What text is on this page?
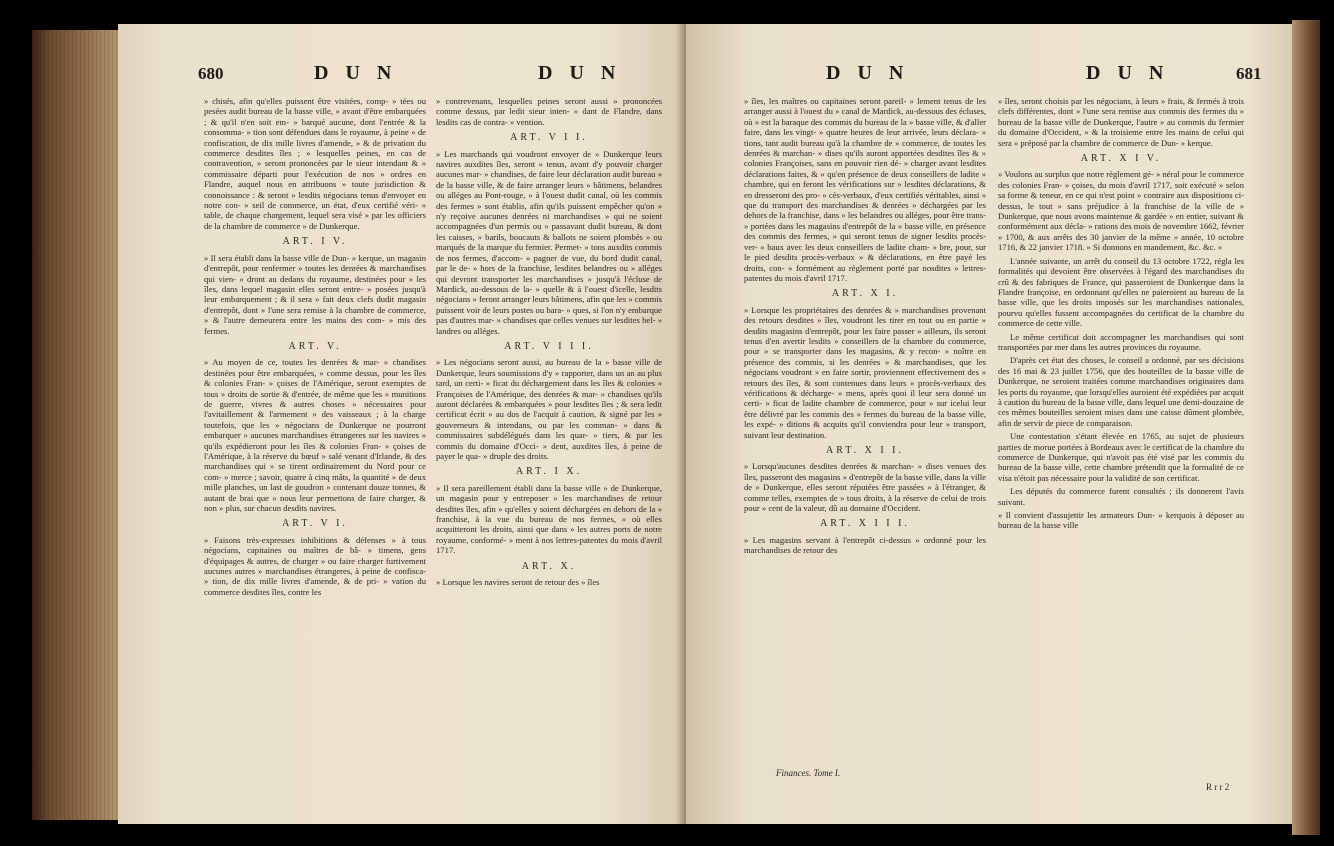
680	D U N	D U N

» chisés, afin qu'elles puissent être visitées, comp- » tées ou pesées audit bureau de la basse ville, » avant d'être embarquées ; & qu'il n'en soit em- » barqué aucune, dont l'entrée & la consomma- » tion sont défendues dans le royaume, à peine » de confiscation, de dix mille livres d'amende, » & de privation du commerce desdites îles ; » lesquelles peines, en cas de contravention, » seront prononcées par le sieur intendant & » commissaire départi pour l'exécution de nos » ordres en Flandre, auquel nous en attribuons » toute jurisdiction & connoissance : & seront » lesdits négocians tenus d'envoyer en notre con- » seil de commerce, un état, d'eux certifié véri- » table, de chaque chargement, lequel sera visé » par les officiers de la chambre de commerce » de Dunkerque.

ART. I V.

» Il sera établi dans la basse ville de Dun- » kerque, un magasin d'entrepôt, pour renfermer » toutes les denrées & marchandises qui vien- » dront au dedans du royaume, destinées pour » les îles, dans lequel magasin elles seront entre- » posées jusqu'à leur embarquement ; & il sera » fait deux clefs dudit magasin d'entrepôt, dont » l'une sera remise à la chambre de commerce, » & l'autre demeurera entre les mains des com- » mis des fermes.

ART. V.

» Au moyen de ce, toutes les denrées & mar- » chandises destinées pour être embarquées, » comme dessus, pour les îles & colonies Fran- » çoises de l'Amérique, seront exemptes de tous » droits de sortie & d'entrée, de même que les » munitions de guerre, vivres & autres choses » nécessaires pour l'avitaillement & l'armement » des vaisseaux ; à la charge toutefois, que les » négocians de Dunkerque ne pourront embarquer » aucunes marchandises étrangeres sur les navires » qu'ils expédieront pour les îles & colonies Fran- » çoises de l'Amérique, à la réserve du bœuf » salé venant d'Irlande, & des marchandises qui » se tirent ordinairement du Nord pour ce com- » merce ; savoir, quatre à cinq mâts, la quantité » de deux mille planches, un last de goudron » contenant douze tonnes, & autant de brai que » nous leur permettons de faire charger, & non » plus, sur chacun desdits navires.

ART. V I.

» Faisons très-expresses inhibitions & défenses » à tous négocians, capitaines ou maîtres de bâ- » timens, gens d'équipages & autres, de charger » ou faire charger furtivement aucunes autres » marchandises étrangeres, à peine de confisca- » tion, de dix mille livres d'amende, & de pri- » vation du commerce desdites îles, contre les

» contrevenans, lesquelles peines seront aussi » prononcées comme dessus, par ledit sieur inten- » dant de Flandre, dans lesdits cas de contra- » vention.

ART. V I I.

» Les marchands qui voudront envoyer de » Dunkerque leurs navires auxdites îles, seront » tenus, avant d'y pouvoir charger aucunes mar- » chandises, de faire leur déclaration audit bureau » de la basse ville, & de faire arranger leurs » bâtimens, belandres ou alléges au Pont-rouge, » à l'ouest dudit canal, où les commis des fermes » sont établis, afin qu'ils puissent empêcher qu'on » n'y reçoive aucunes denrées ni marchandises » qui ne soient accompagnées d'un permis ou » passavant dudit bureau, & dont les caisses, » barils, boucauts & ballots ne soient plombés » ou marqués de la marque du fermier. Permet- » tons auxdits commis de nos fermes, d'accom- » pagner de vue, du bord dudit canal, par le de- » hors de la franchise, lesdites belandres ou » alléges qui devront transporter les marchandises » jusqu'à l'écluse de Mardick, au-dessous de la- » quelle & à l'ouest d'icelle, lesdits négocians » feront arranger leurs bâtimens, afin que les » commis puissent voir de leurs postes ou bara- » ques, si l'on n'y embarque pas d'autres mar- » chandises que celles venues sur lesdites bel- » landres ou alléges.

ART. V I I I.

» Les négocians seront aussi, au bureau de la » basse ville de Dunkerque, leurs soumissions d'y » rapporter, dans un an au plus tard, un certi- » ficat du déchargement dans les îles & colonies » Françoises de l'Amérique, des denrées & mar- » chandises qu'ils auront déclarées & embarquées » pour lesdites îles ; & sera ledit certificat écrit » au dos de l'acquit à caution, & signé par les » gouverneurs & intendans, ou par les comman- » dans & commissaires subdélégués dans les quar- » tiers, & par les commis du domaine d'Occi- » dent, auxdites îles, à peine de payer le qua- » druple des droits.

ART. I X.

» Il sera pareillement établi dans la basse ville » de Dunkerque, un magasin pour y entreposer » les marchandises de retour desdites îles, afin » qu'elles y soient déchargées en dehors de la » franchise, à la vue du bureau de nos fermes, » où elles acquitteront les droits, ainsi que dans » les autres ports de notre royaume, conformé- » ment à nos lettres-patentes du mois d'avril 1717.

ART. X.

» Lorsque les navires seront de retour des » îles

D U N	D U N	681

» îles, les maîtres ou capitaines seront pareil- » lement tenus de les arranger aussi à l'ouest du » canal de Mardick, au-dessous des écluses, où » est la baraque des commis du bureau de la » basse ville, & d'aller faire, dans les vingt- » quatre heures de leur arrivée, leurs déclara- » tions, tant audit bureau qu'à la chambre de » commerce, de toutes les denrées & marchan- » dises qu'ils auront apportées desdites îles & » colonies Françoises, sans en pouvoir rien dé- » charger avant lesdites déclarations faites, & » qu'en présence de deux conseillers de ladite » chambre, qui en feront les vérifications sur » lesdites déclarations, & en dresseront des pro- » cès-verbaux, d'eux certifiés véritables, ainsi » que du transport des marchandises & denrées » déchargées par les dehors de la franchise, dans » les belandres ou alléges, pour être trans- » portées dans les magasins d'entrepôt de la » basse ville, en présence des commis des fermes, » qui seront tenus de signer lesdits procès-ver- » baux avec les deux conseillers de ladite cham- » bre, pour, sur le pied desdits procès-verbaux » & déclarations, en être payé les droits, con- » formément au règlement porté par nosdites » lettres-patentes du mois d'avril 1717.

ART. X I.

» Lorsque les propriétaires des denrées & » marchandises provenant des retours desdites » îles, voudront les tirer en tout ou en partie » desdits magasins d'entrepôt, pour les faire passer » ailleurs, ils seront tenus d'en avertir lesdits » conseillers de la chambre du commerce, pour » se transporter dans les magasins, & y recon- » noître en présence des commis, si les denrées » & marchandises, que les négocians voudront » en faire sortir, proviennent effectivement des » retours des îles, & sont contenues dans leurs » procès-verbaux des vérifications & décharge- » mens, après quoi il leur sera donné un certi- » ficat de ladite chambre de commerce, pour » sur icelui leur être délivré par les commis des » fermes du bureau de la basse ville, les expé- » ditions & acquits qu'il conviendra pour leur » transport, suivant leur destination.

ART. X I I.

» Lorsqu'aucunes desdites denrées & marchan- » dises venues des îles, passeront des magasins » d'entrepôt de la basse ville, dans la ville de » Dunkerque, elles seront réputées être passées » à l'étranger, & comme telles, exemptes de » tous droits, à la réserve de celui de trois pour » cent de la valeur, dû au domaine d'Occident.

ART. X I I I.

» Les magasins servant à l'entrepôt ci-dessus » ordonné pour les marchandises de retour des

» îles, seront choisis par les négocians, à leurs » frais, & fermés à trois clefs différentes, dont » l'une sera remise aux commis des fermes du » bureau de la basse ville de Dunkerque, l'autre » au commis du fermier du domaine d'Occident, » & la troisieme entre les mains de celui qui sera » préposé par la chambre de commerce de Dun- » kerque.

ART. X I V.

» Voulons au surplus que notre règlement gé- » néral pour le commerce des colonies Fran- » çoises, du mois d'avril 1717, soit exécuté » selon sa forme & teneur, en ce qui n'est point » contraire aux dispositions ci-dessus, le tout » sans préjudice à la franchise de la ville de » Dunkerque, que nous avons maintenue & gardée » en entier, suivant & conformément aux décla- » rations des mois de novembre 1662, février » 1700, & aux arrêts des 30 janvier de la même » année, 10 octobre 1716, & 22 janvier 1718. » Si donnons en mandement, &c. &c. »

L'année suivante, un arrêt du conseil du 13 octobre 1722, régla les formalités qui devoient être observées à l'égard des marchandises du crû & des fabriques de France, qui passeroient de Dunkerque dans la Flandre françoise, en ordonnant qu'elles ne paieroient au bureau de la basse ville, que les droits imposés sur les marchandises nationales, pourvu qu'elles fussent accompagnées du certificat de la chambre du commerce de cette ville.

Le même certificat doit accompagner les marchandises qui sont transportées par mer dans les autres provinces du royaume.

D'après cet état des choses, le conseil a ordonné, par ses décisions des 16 mai & 23 juillet 1756, que des bouteilles de la basse ville de Dunkerque, ne seroient traitées comme marchandises originaires dans les ports du royaume, que lorsqu'elles auroient été expédiées par acquit à caution du bureau de la basse ville, dans lequel une demi-douzaine de ces mêmes bouteilles seroient mises dans une caisse dûment plombée, afin de servir de piece de comparaison.

Une contestation s'étant élevée en 1765, au sujet de plusieurs parties de morue portées à Bordeaux avec le certificat de la chambre du commerce de Dunkerque, qui n'avoit pas été visé par les commis du bureau de la basse ville, cette chambre prétendit que la formalité de ce visa n'étoit pas nécessaire pour la validité de son certificat.

Les députés du commerce furent consultés ; ils donnerent l'avis suivant.

» Il convient d'assujettir les armateurs Dun- » kerquois à déposer au bureau de la basse ville

Finances. Tome I.
R r r 2
